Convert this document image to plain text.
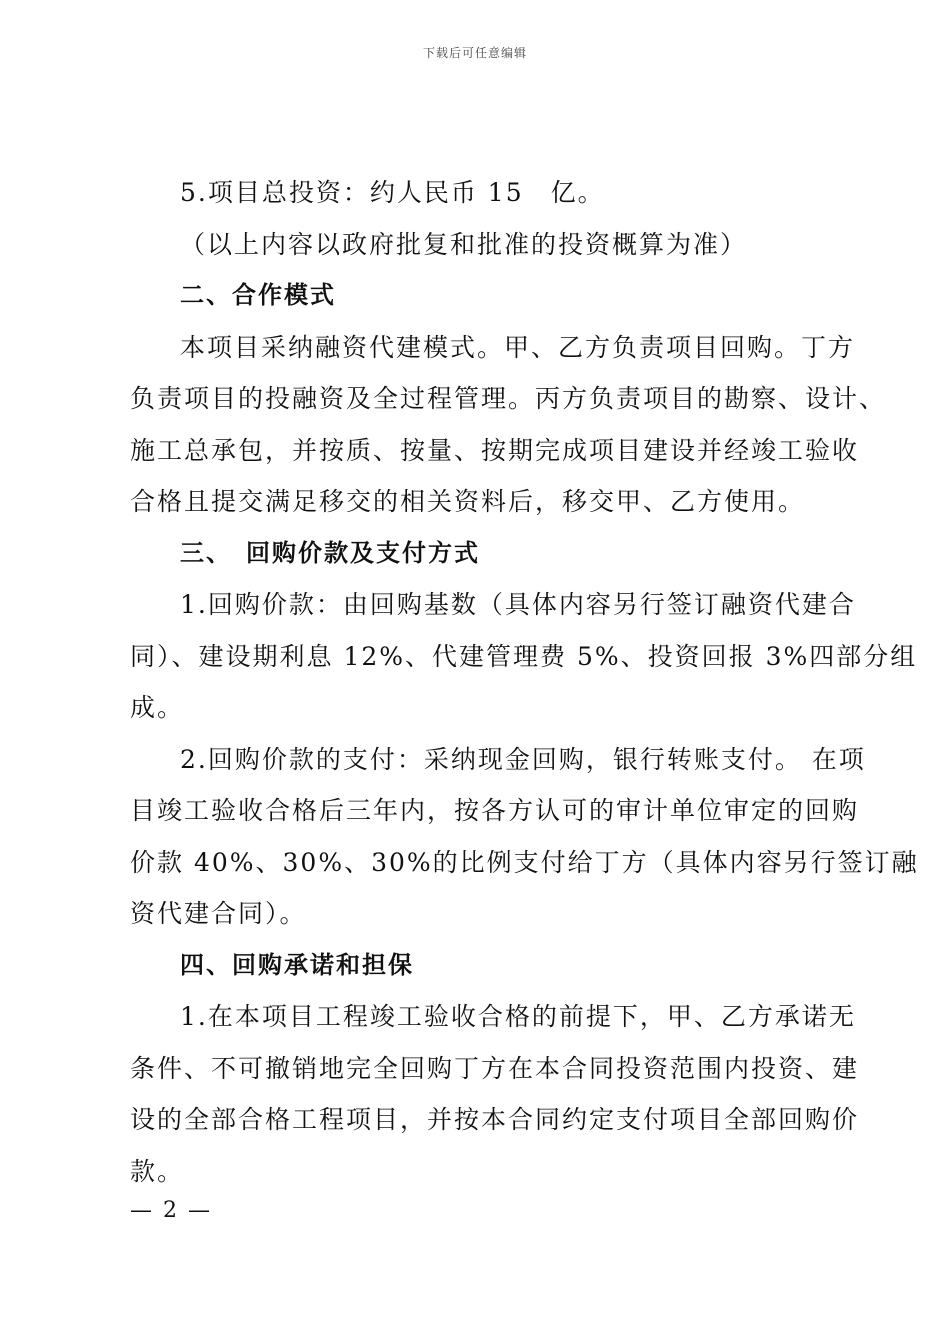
下载后可任意编辑
5.项目总投资：约人民币 15　亿。
（以上内容以政府批复和批准的投资概算为准）
二、合作模式
本项目采纳融资代建模式。甲、乙方负责项目回购。丁方
负责项目的投融资及全过程管理。丙方负责项目的勘察、设计、
施工总承包，并按质、按量、按期完成项目建设并经竣工验收
合格且提交满足移交的相关资料后，移交甲、乙方使用。
三、　回购价款及支付方式
1.回购价款：由回购基数（具体内容另行签订融资代建合
同）、建设期利息 12%、代建管理费 5%、投资回报 3%四部分组
成。
2.回购价款的支付：采纳现金回购，银行转账支付。 在项
目竣工验收合格后三年内，按各方认可的审计单位审定的回购
价款 40%、30%、30%的比例支付给丁方（具体内容另行签订融
资代建合同）。
四、回购承诺和担保
1.在本项目工程竣工验收合格的前提下，甲、乙方承诺无
条件、不可撤销地完全回购丁方在本合同投资范围内投资、建
设的全部合格工程项目，并按本合同约定支付项目全部回购价
款。
— 2 —
